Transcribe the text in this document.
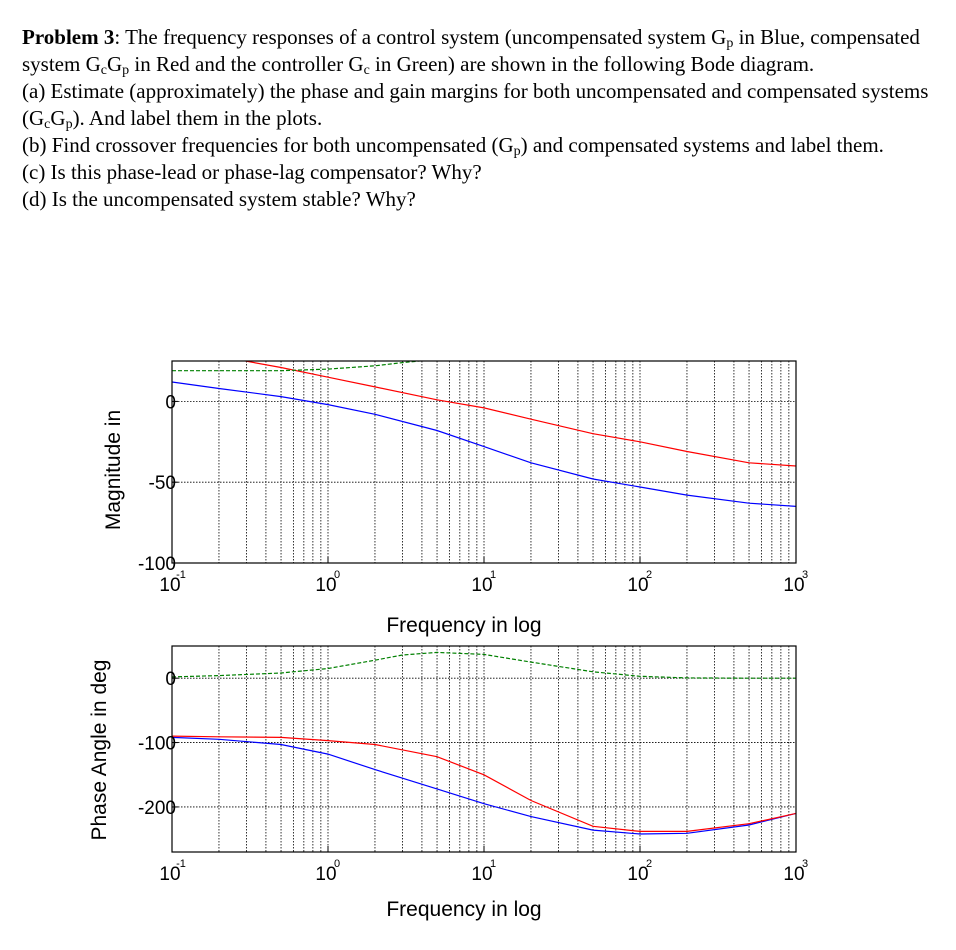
Problem 3: The frequency responses of a control system (uncompensated system $G_p$ in Blue, compensated system $G_cG_p$ in Red and the controller $G_c$ in Green) are shown in the following Bode diagram.

(a) Estimate (approximately) the phase and gain margins for both uncompensated and compensated systems $(G_cG_p)$. And label them in the plots.

(b) Find crossover frequencies for both uncompensated $(G_p)$ and compensated systems and label them.

(c) Is this phase-lead or phase-lag compensator? Why?

(d) Is the uncompensated system stable? Why?

0
-50
-100
10
-1	10
0	10
1	10
2	10
3
Frequency in log
Magnitude in
0
-100
-200
10
-1	10
0	10
1	10
2	10
3
Frequency in log
Phase Angle in deg
